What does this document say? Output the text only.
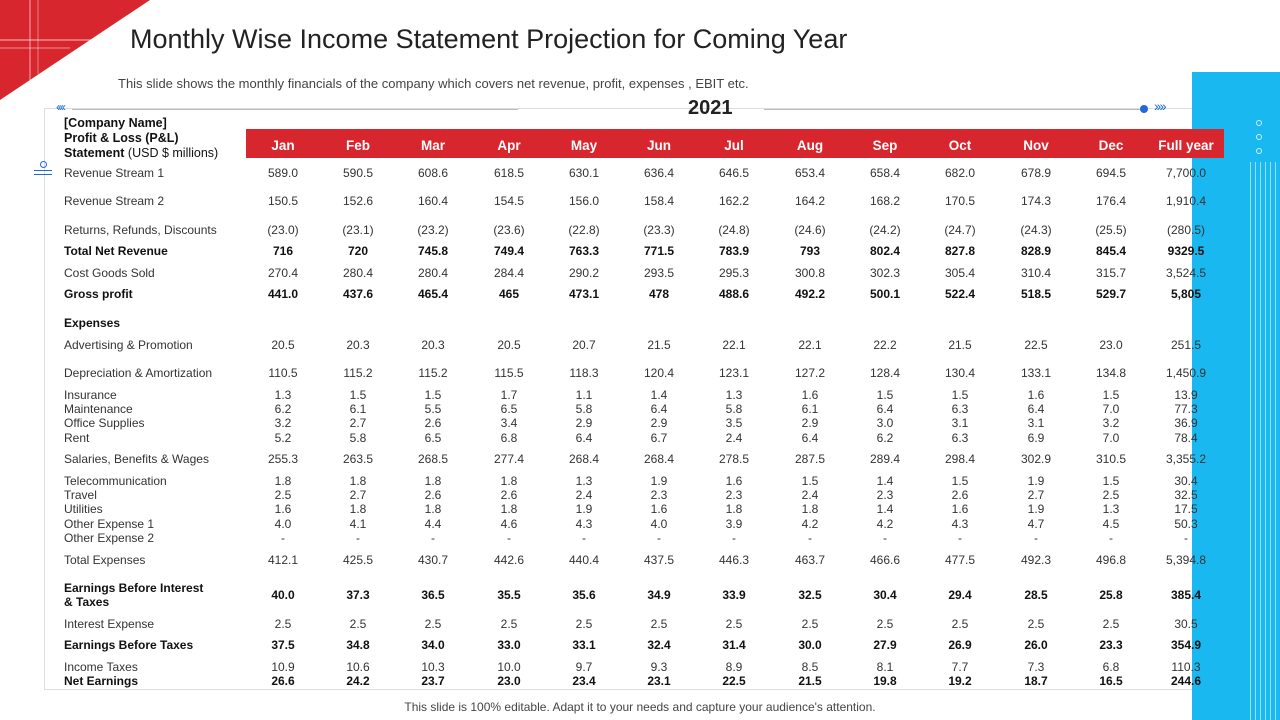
Monthly Wise Income Statement Projection for Coming Year

This slide shows the monthly financials of the company which covers net revenue, profit, expenses , EBIT etc.

‹‹‹‹	2021	››››
[Company Name]
Profit & Loss (P&L)
Statement (USD $ millions)	Jan	Feb	Mar	Apr	May	Jun	Jul	Aug	Sep	Oct	Nov	Dec	Full year
Revenue Stream 1	589.0	590.5	608.6	618.5	630.1	636.4	646.5	653.4	658.4	682.0	678.9	694.5	7,700.0
Revenue Stream 2	150.5	152.6	160.4	154.5	156.0	158.4	162.2	164.2	168.2	170.5	174.3	176.4	1,910.4
Returns, Refunds, Discounts	(23.0)	(23.1)	(23.2)	(23.6)	(22.8)	(23.3)	(24.8)	(24.6)	(24.2)	(24.7)	(24.3)	(25.5)	(280.5)
Total Net Revenue	716	720	745.8	749.4	763.3	771.5	783.9	793	802.4	827.8	828.9	845.4	9329.5
Cost Goods Sold	270.4	280.4	280.4	284.4	290.2	293.5	295.3	300.8	302.3	305.4	310.4	315.7	3,524.5
Gross profit	441.0	437.6	465.4	465	473.1	478	488.6	492.2	500.1	522.4	518.5	529.7	5,805
Expenses
Advertising & Promotion	20.5	20.3	20.3	20.5	20.7	21.5	22.1	22.1	22.2	21.5	22.5	23.0	251.5
Depreciation & Amortization	110.5	115.2	115.2	115.5	118.3	120.4	123.1	127.2	128.4	130.4	133.1	134.8	1,450.9
Insurance	1.3	1.5	1.5	1.7	1.1	1.4	1.3	1.6	1.5	1.5	1.6	1.5	13.9
Maintenance	6.2	6.1	5.5	6.5	5.8	6.4	5.8	6.1	6.4	6.3	6.4	7.0	77.3
Office Supplies	3.2	2.7	2.6	3.4	2.9	2.9	3.5	2.9	3.0	3.1	3.1	3.2	36.9
Rent	5.2	5.8	6.5	6.8	6.4	6.7	2.4	6.4	6.2	6.3	6.9	7.0	78.4
Salaries, Benefits & Wages	255.3	263.5	268.5	277.4	268.4	268.4	278.5	287.5	289.4	298.4	302.9	310.5	3,355.2
Telecommunication	1.8	1.8	1.8	1.8	1.3	1.9	1.6	1.5	1.4	1.5	1.9	1.5	30.4
Travel	2.5	2.7	2.6	2.6	2.4	2.3	2.3	2.4	2.3	2.6	2.7	2.5	32.5
Utilities	1.6	1.8	1.8	1.8	1.9	1.6	1.8	1.8	1.4	1.6	1.9	1.3	17.5
Other Expense 1	4.0	4.1	4.4	4.6	4.3	4.0	3.9	4.2	4.2	4.3	4.7	4.5	50.3
Other Expense 2	-	-	-	-	-	-	-	-	-	-	-	-	-
Total Expenses	412.1	425.5	430.7	442.6	440.4	437.5	446.3	463.7	466.6	477.5	492.3	496.8	5,394.8
Earnings Before Interest
& Taxes	40.0	37.3	36.5	35.5	35.6	34.9	33.9	32.5	30.4	29.4	28.5	25.8	385.4
Interest Expense	2.5	2.5	2.5	2.5	2.5	2.5	2.5	2.5	2.5	2.5	2.5	2.5	30.5
Earnings Before Taxes	37.5	34.8	34.0	33.0	33.1	32.4	31.4	30.0	27.9	26.9	26.0	23.3	354.9
Income Taxes	10.9	10.6	10.3	10.0	9.7	9.3	8.9	8.5	8.1	7.7	7.3	6.8	110.3
Net Earnings	26.6	24.2	23.7	23.0	23.4	23.1	22.5	21.5	19.8	19.2	18.7	16.5	244.6
This slide is 100% editable. Adapt it to your needs and capture your audience's attention.
